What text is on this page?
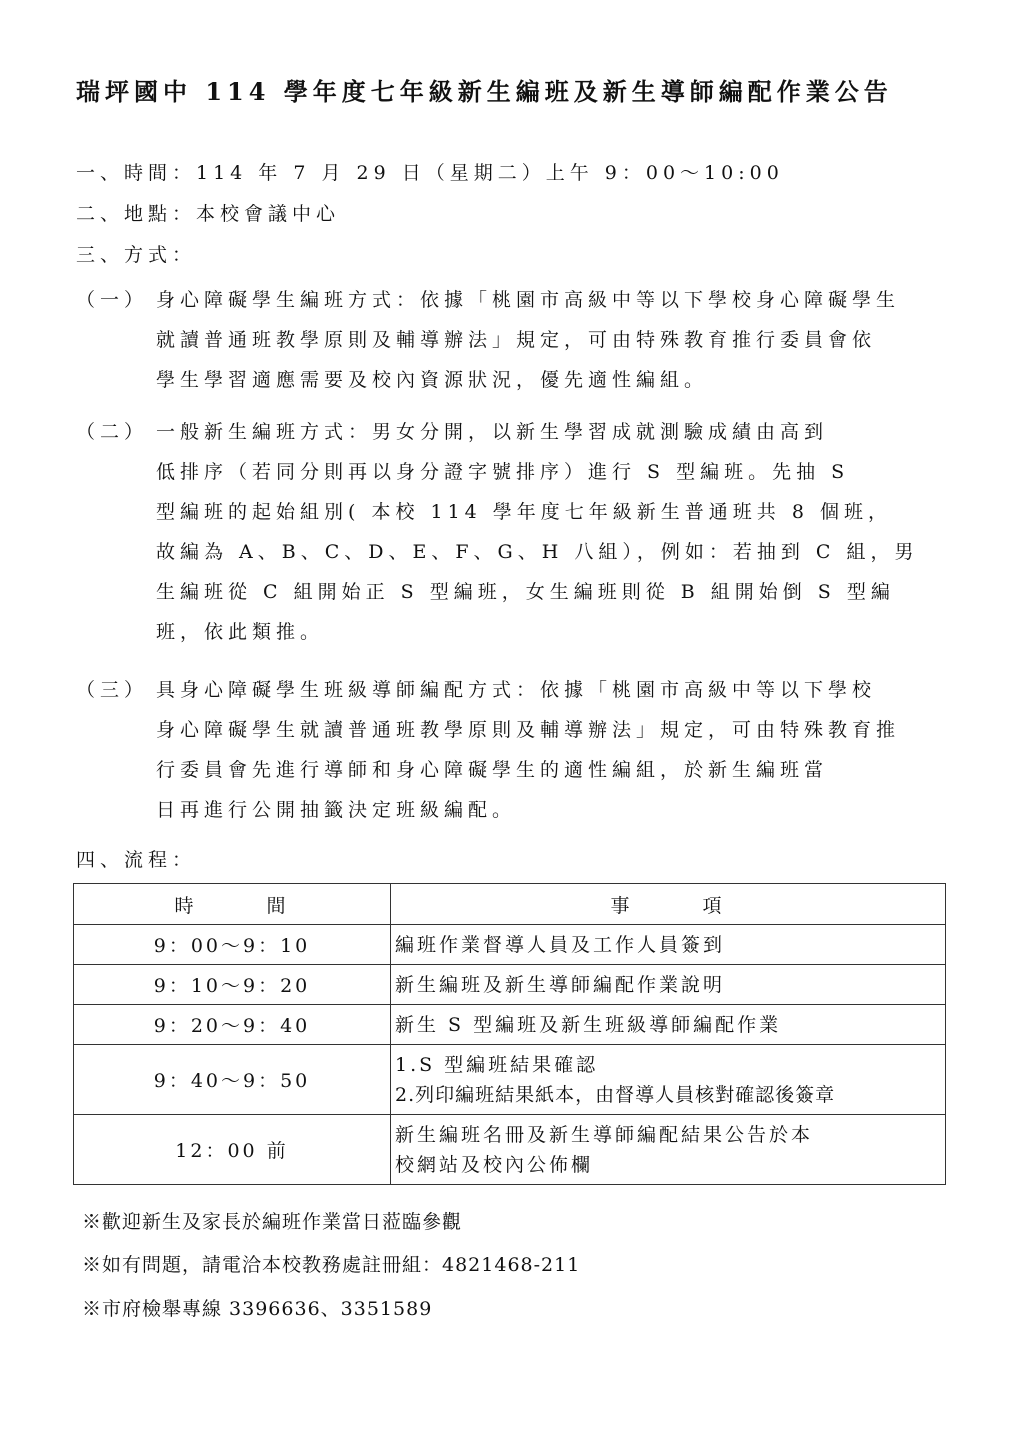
瑞坪國中 114 學年度七年級新生編班及新生導師編配作業公告
一、時間：114 年 7 月 29 日（星期二）上午 9：00～10:00
二、地點：本校會議中心
三、方式：
（一） 身心障礙學生編班方式：依據「桃園市高級中等以下學校身心障礙學生
就讀普通班教學原則及輔導辦法」規定，可由特殊教育推行委員會依
學生學習適應需要及校內資源狀況，優先適性編組。
（二） 一般新生編班方式：男女分開，以新生學習成就測驗成績由高到
低排序（若同分則再以身分證字號排序）進行 S 型編班。先抽 S
型編班的起始組別( 本校 114 學年度七年級新生普通班共 8 個班，
故編為 A、B、C、D、E、F、G、H 八組），例如：若抽到 C 組，男
生編班從 C 組開始正 S 型編班，女生編班則從 B 組開始倒 S 型編
班，依此類推。
（三） 具身心障礙學生班級導師編配方式：依據「桃園市高級中等以下學校
身心障礙學生就讀普通班教學原則及輔導辦法」規定，可由特殊教育推
行委員會先進行導師和身心障礙學生的適性編組，於新生編班當
日再進行公開抽籤決定班級編配。
四、流程：
時　　　間	事　　　項
9：00～9：10	編班作業督導人員及工作人員簽到
9：10～9：20	新生編班及新生導師編配作業說明
9：20～9：40	新生 S 型編班及新生班級導師編配作業
9：40～9：50	1.S 型編班結果確認
2.列印編班結果紙本，由督導人員核對確認後簽章

12：00 前	新生編班名冊及新生導師編配結果公告於本
校網站及校內公佈欄
※歡迎新生及家長於編班作業當日蒞臨參觀
※如有問題，請電洽本校教務處註冊組：4821468-211
※市府檢舉專線 3396636、3351589
